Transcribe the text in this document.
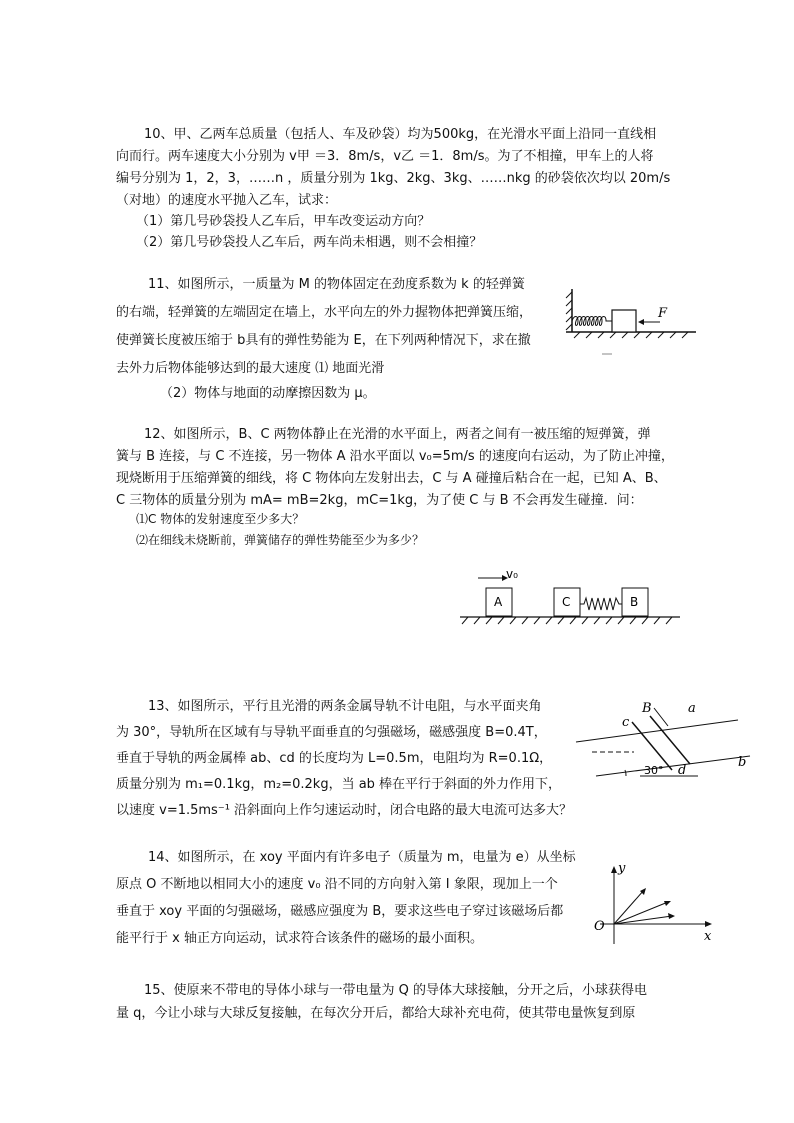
10、甲、乙两车总质量（包括人、车及砂袋）均为500kg，在光滑水平面上沿同一直线相
向而行。两车速度大小分别为 v甲 ＝3．8m/s，v乙 ＝1．8m/s。为了不相撞，甲车上的人将
编号分别为 1，2，3，……n ，质量分别为 1kg、2kg、3kg、……nkg 的砂袋依次均以 20m/s
（对地）的速度水平抛入乙车，试求：
（1）第几号砂袋投人乙车后，甲车改变运动方向？
（2）第几号砂袋投人乙车后，两车尚未相遇，则不会相撞？
11、如图所示，一质量为 M 的物体固定在劲度系数为 k 的轻弹簧
的右端，轻弹簧的左端固定在墙上，水平向左的外力握物体把弹簧压缩，
使弹簧长度被压缩于 b具有的弹性势能为 E，在下列两种情况下，求在撤
去外力后物体能够达到的最大速度 ⑴ 地面光滑
（2）物体与地面的动摩擦因数为 μ。
F
12、如图所示，B、C 两物体静止在光滑的水平面上，两者之间有一被压缩的短弹簧，弹
簧与 B 连接，与 C 不连接，另一物体 A 沿水平面以 v₀=5m/s 的速度向右运动，为了防止冲撞，
现烧断用于压缩弹簧的细线，将 C 物体向左发射出去，C 与 A 碰撞后粘合在一起，已知 A、B、
C 三物体的质量分别为 mA= mB=2kg，mC=1kg，为了使 C 与 B 不会再发生碰撞．问：
⑴C 物体的发射速度至少多大？
⑵在细线未烧断前，弹簧储存的弹性势能至少为多少？
v₀
A	C	B
13、如图所示，平行且光滑的两条金属导轨不计电阻，与水平面夹角
为 30°，导轨所在区域有与导轨平面垂直的匀强磁场，磁感强度 B=0.4T，
垂直于导轨的两金属棒 ab、cd 的长度均为 L=0.5m，电阻均为 R=0.1Ω，
质量分别为 m₁=0.1kg，m₂=0.2kg，当 ab 棒在平行于斜面的外力作用下，
以速度 v=1.5ms⁻¹ 沿斜面向上作匀速运动时，闭合电路的最大电流可达多大？
B	a
c
d
b
30°
14、如图所示，在 xoy 平面内有许多电子（质量为 m，电量为 e）从坐标
原点 O 不断地以相同大小的速度 v₀ 沿不同的方向射入第 I 象限，现加上一个
垂直于 xoy 平面的匀强磁场，磁感应强度为 B，要求这些电子穿过该磁场后都
能平行于 x 轴正方向运动，试求符合该条件的磁场的最小面积。
y
x
O
15、使原来不带电的导体小球与一带电量为 Q 的导体大球接触，分开之后，小球获得电
量 q，今让小球与大球反复接触，在每次分开后，都给大球补充电荷，使其带电量恢复到原
